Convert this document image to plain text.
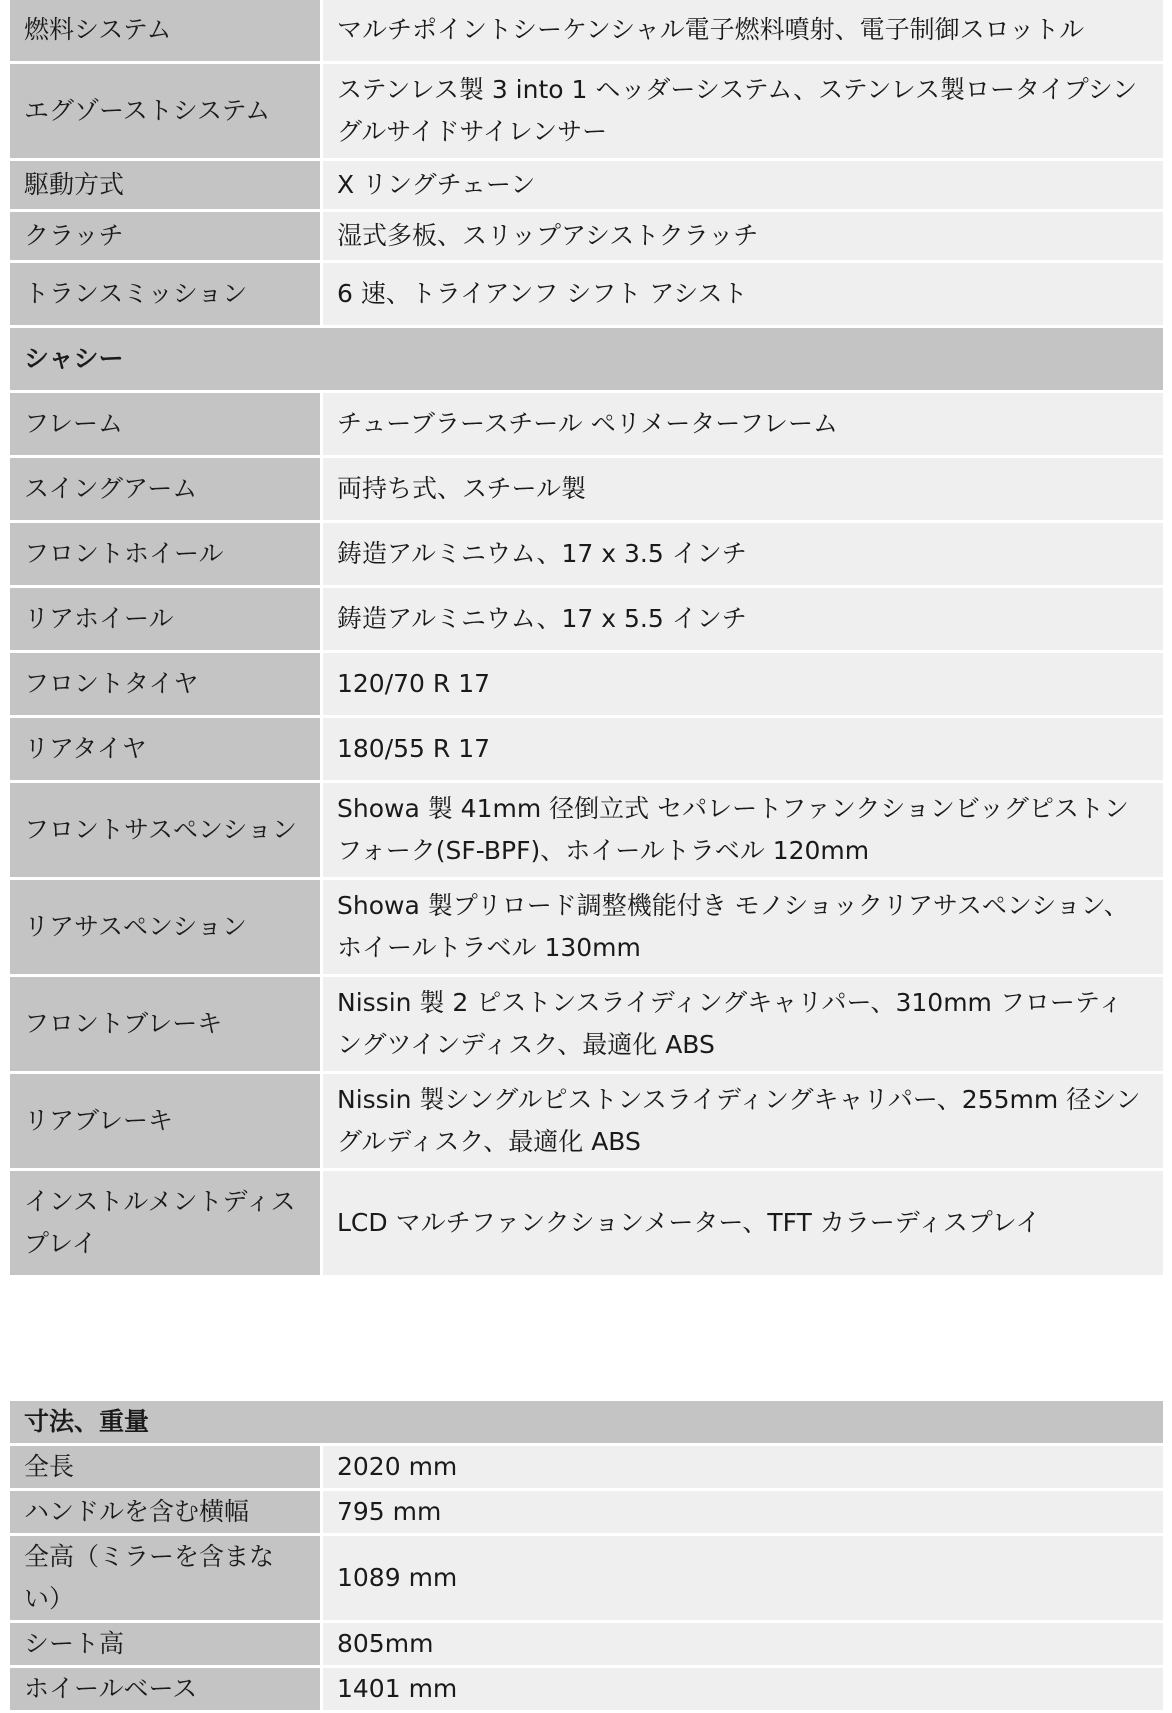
燃料システム	マルチポイントシーケンシャル電子燃料噴射、電子制御スロットル
エグゾーストシステム	ステンレス製 3 into 1 ヘッダーシステム、ステンレス製ロータイプシングルサイドサイレンサー
駆動方式	X リングチェーン
クラッチ	湿式多板、スリップアシストクラッチ
トランスミッション	6 速、トライアンフ シフト アシスト
シャシー	
フレーム	チューブラースチール ペリメーターフレーム
スイングアーム	両持ち式、スチール製
フロントホイール	鋳造アルミニウム、17 x 3.5 インチ
リアホイール	鋳造アルミニウム、17 x 5.5 インチ
フロントタイヤ	120/70 R 17
リアタイヤ	180/55 R 17
フロントサスペンション	Showa 製 41mm 径倒立式 セパレートファンクションビッグピストンフォーク(SF-BPF)、ホイールトラベル 120mm
リアサスペンション	Showa 製プリロード調整機能付き モノショックリアサスペンション、ホイールトラベル 130mm
フロントブレーキ	Nissin 製 2 ピストンスライディングキャリパー、310mm フローティングツインディスク、最適化 ABS
リアブレーキ	Nissin 製シングルピストンスライディングキャリパー、255mm 径シングルディスク、最適化 ABS
インストルメントディスプレイ	LCD マルチファンクションメーター、TFT カラーディスプレイ
寸法、重量	
全長	2020 mm
ハンドルを含む横幅	795 mm
全高（ミラーを含まない）	1089 mm
シート高	805mm
ホイールベース	1401 mm
